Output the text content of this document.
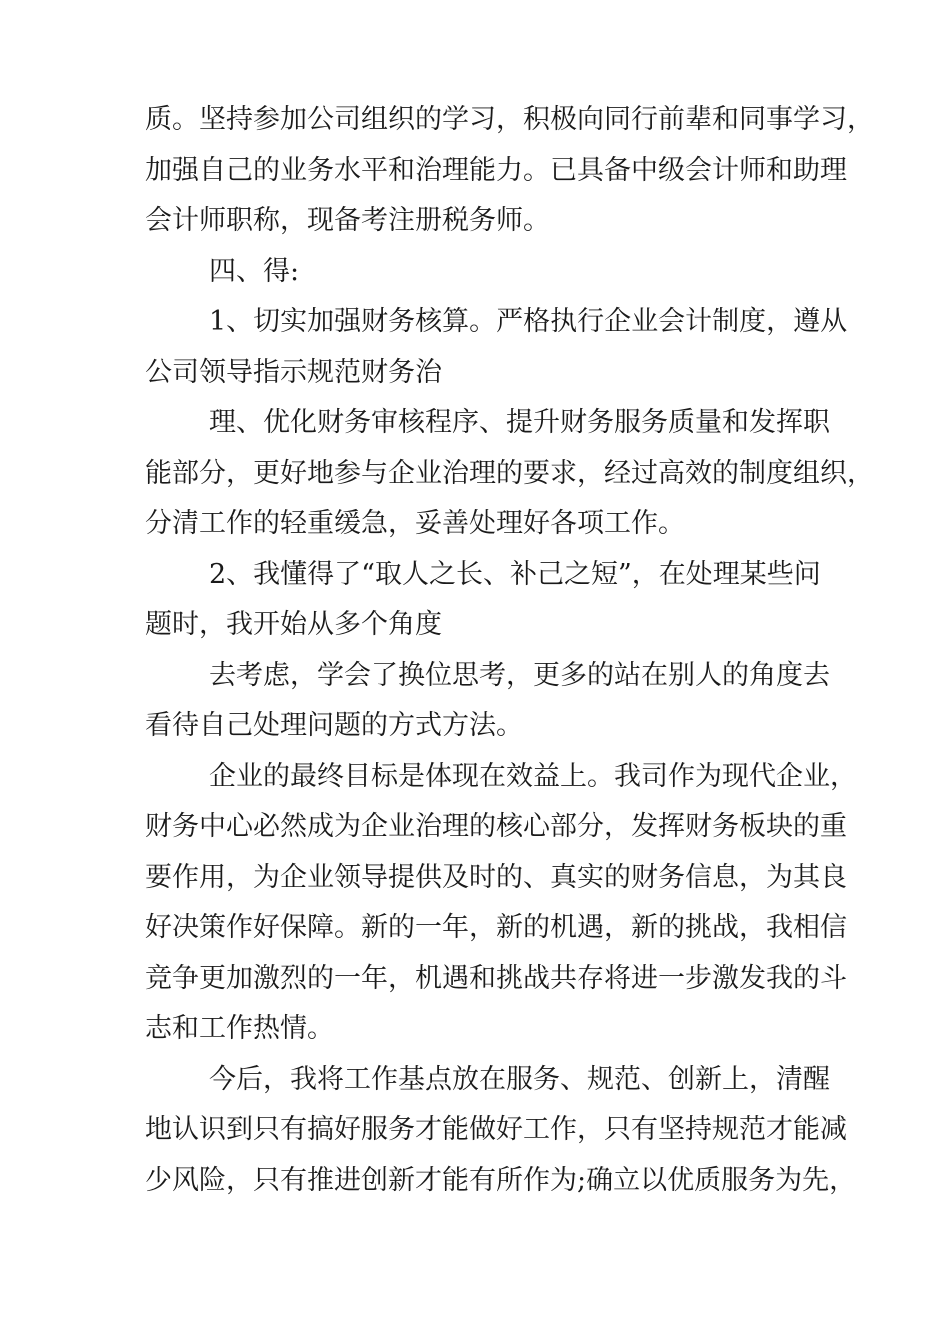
质。坚持参加公司组织的学习，积极向同行前辈和同事学习，
加强自己的业务水平和治理能力。已具备中级会计师和助理
会计师职称，现备考注册税务师。
四、得:
1、切实加强财务核算。严格执行企业会计制度，遵从
公司领导指示规范财务治
理、优化财务审核程序、提升财务服务质量和发挥职
能部分，更好地参与企业治理的要求，经过高效的制度组织，
分清工作的轻重缓急，妥善处理好各项工作。
2、我懂得了“取人之长、补己之短”，在处理某些问
题时，我开始从多个角度
去考虑，学会了换位思考，更多的站在别人的角度去
看待自己处理问题的方式方法。
企业的最终目标是体现在效益上。我司作为现代企业，
财务中心必然成为企业治理的核心部分，发挥财务板块的重
要作用，为企业领导提供及时的、真实的财务信息，为其良
好决策作好保障。新的一年，新的机遇，新的挑战，我相信
竞争更加激烈的一年，机遇和挑战共存将进一步激发我的斗
志和工作热情。
今后，我将工作基点放在服务、规范、创新上，清醒
地认识到只有搞好服务才能做好工作，只有坚持规范才能减
少风险，只有推进创新才能有所作为;确立以优质服务为先，
